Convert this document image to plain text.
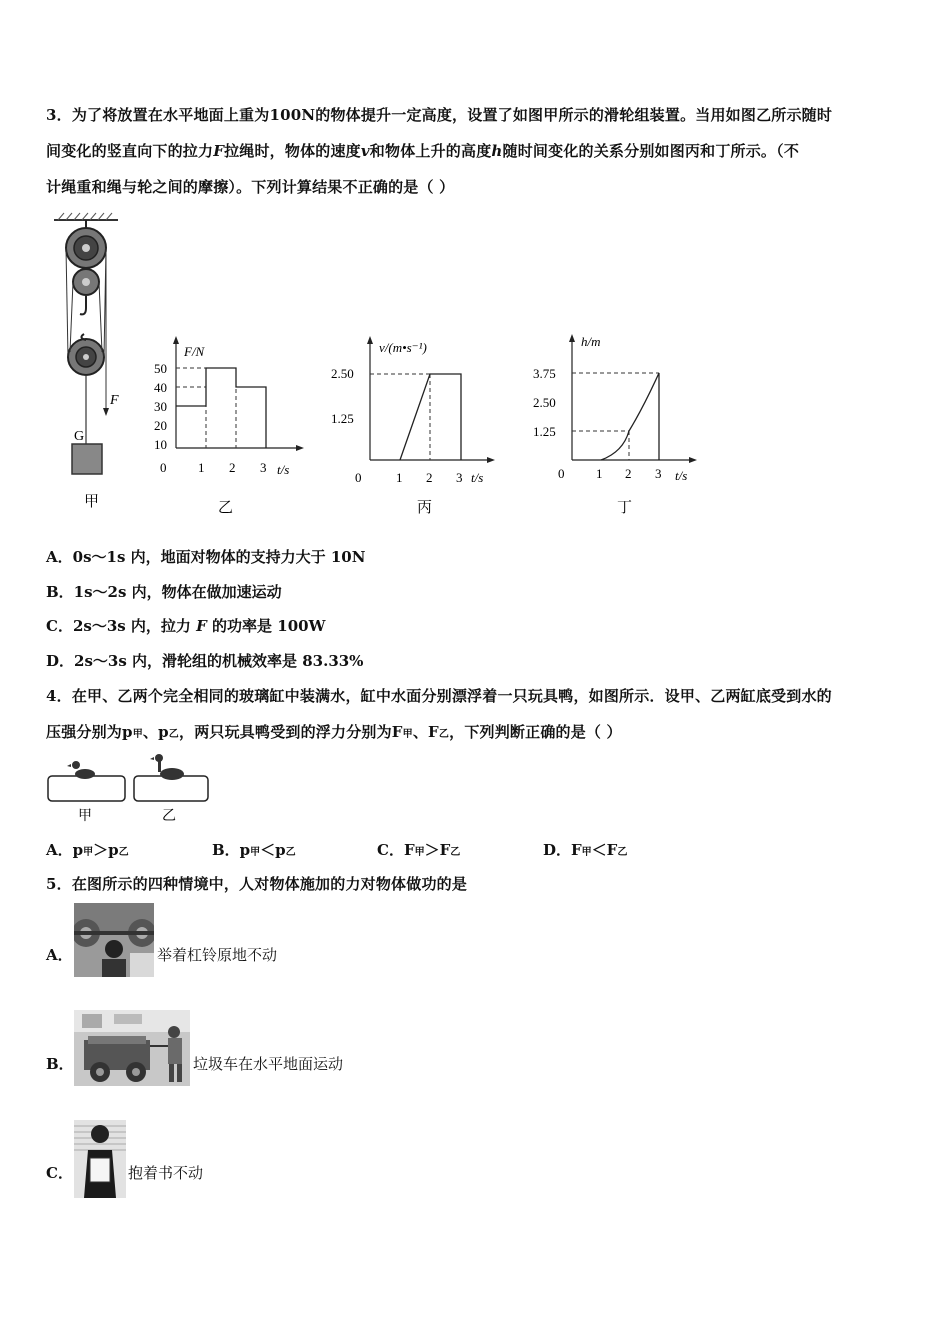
3．为了将放置在水平地面上重为100N的物体提升一定高度，设置了如图甲所示的滑轮组装置。当用如图乙所示随时
间变化的竖直向下的拉力F拉绳时，物体的速度v和物体上升的高度h随时间变化的关系分别如图丙和丁所示。（不
计绳重和绳与轮之间的摩擦）。下列计算结果不正确的是（ ）
F
G
甲
F/N
t/s
50
40
30
20
10
0 1 2 3
乙
v/(m•s⁻¹)
t/s
2.50
1.25
0	1 2 3
丙
h/m
t/s
3.75
2.50
1.25
0 1 2 3
丁
A．0s～1s 内，地面对物体的支持力大于 10N
B．1s～2s 内，物体在做加速运动
C．2s～3s 内，拉力 F 的功率是 100W
D．2s～3s 内，滑轮组的机械效率是 83.33%
4．在甲、乙两个完全相同的玻璃缸中装满水，缸中水面分别漂浮着一只玩具鸭，如图所示．设甲、乙两缸底受到水的
压强分别为p甲、p乙，两只玩具鸭受到的浮力分别为F甲、F乙，下列判断正确的是（ ）
甲	乙
A．p甲＞p乙	B．p甲＜p乙	C．F甲＞F乙	D．F甲＜F乙
5．在图所示的四种情境中，人对物体施加的力对物体做功的是
A．	举着杠铃原地不动
B．	垃圾车在水平地面运动
C．	抱着书不动
